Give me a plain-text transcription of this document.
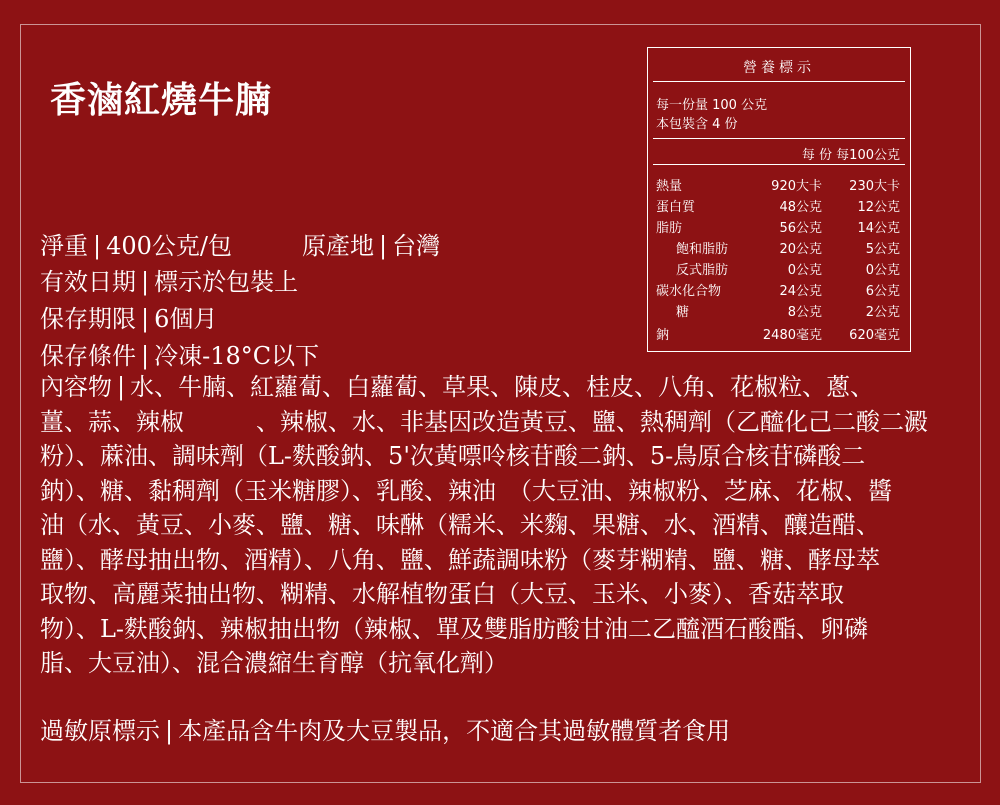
香滷紅燒牛腩
淨重 | 400公克/包	原產地 | 台灣
有效日期 | 標示於包裝上
保存期限 | 6個月
保存條件 | 冷凍-18°C以下
內容物 | 水、牛腩、紅蘿蔔、白蘿蔔、草果、陳皮、桂皮、八角、花椒粒、蔥、
薑、蒜、辣椒　　　、辣椒、水、非基因改造黃豆、鹽、熱稠劑（乙醯化己二酸二澱
粉）、蔴油、調味劑（L-麩酸鈉、5'次黃嘌呤核苷酸二鈉、5-鳥原合核苷磷酸二
鈉）、糖、黏稠劑（玉米糖膠）、乳酸、辣油　（大豆油、辣椒粉、芝麻、花椒、醬
油（水、黃豆、小麥、鹽、糖、味醂（糯米、米麴、果糖、水、酒精、釀造醋、
鹽）、酵母抽出物、酒精）、八角、鹽、鮮蔬調味粉（麥芽糊精、鹽、糖、酵母萃
取物、高麗菜抽出物、糊精、水解植物蛋白（大豆、玉米、小麥）、香菇萃取
物）、L-麩酸鈉、辣椒抽出物（辣椒、單及雙脂肪酸甘油二乙醯酒石酸酯、卵磷
脂、大豆油）、混合濃縮生育醇（抗氧化劑）
過敏原標示 | 本產品含牛肉及大豆製品，不適合其過敏體質者食用
營養標示
每一份量 100 公克
本包裝含 4 份
每 份 每100公克
熱量	920大卡 230大卡
蛋白質	48公克	12公克
脂肪	56公克	14公克
飽和脂肪	20公克	5公克
反式脂肪	0公克	0公克
碳水化合物	24公克	6公克
糖	8公克	2公克
鈉	2480毫克 620毫克
